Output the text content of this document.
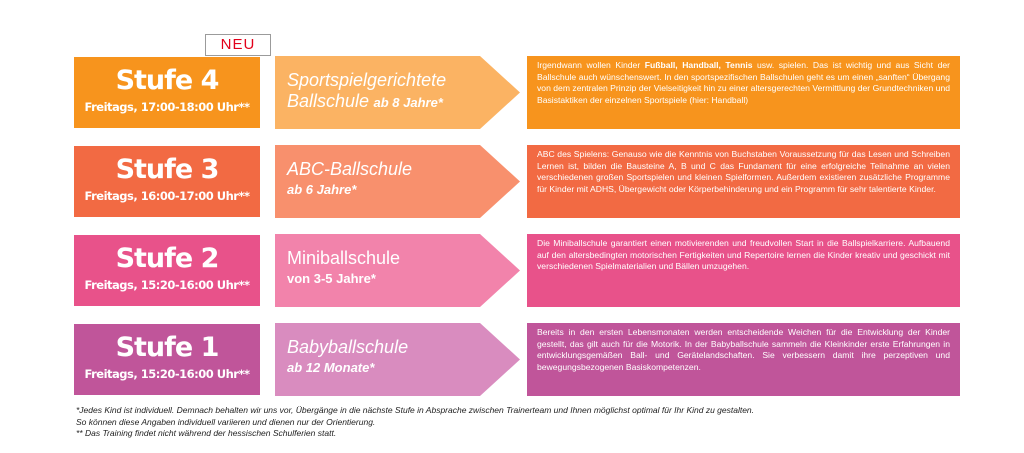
Stufe 4
Freitags, 17:00-18:00 Uhr**
Sportspielgerichtete
Ballschule ab 8 Jahre*
Irgendwann wollen Kinder Fußball, Handball, Tennis usw. spielen. Das ist wichtig und aus Sicht der Ballschule auch wünschenswert. In den sportspezifischen Ballschulen geht es um einen „sanften“ Übergang von dem zentralen Prinzip der Vielseitigkeit hin zu einer altersgerechten Vermittlung der Grundtechniken und Basistaktiken der einzelnen Sportspiele (hier: Handball)
Stufe 3
Freitags, 16:00-17:00 Uhr**
ABC-Ballschule
ab 6 Jahre*
ABC des Spielens: Genauso wie die Kenntnis von Buchstaben Voraussetzung für das Lesen und Schreiben Lernen ist, bilden die Bausteine A, B und C das Fundament für eine erfolgreiche Teilnahme an vielen verschiedenen großen Sportspielen und kleinen Spielformen. Außerdem existieren zusätzliche Programme für Kinder mit ADHS, Übergewicht oder Körperbehinderung und ein Programm für sehr talentierte Kinder.
Stufe 2
Freitags, 15:20-16:00 Uhr**
Miniballschule
von 3-5 Jahre*
Die Miniballschule garantiert einen motivierenden und freudvollen Start in die Ballspielkarriere. Aufbauend auf den altersbedingten motorischen Fertigkeiten und Repertoire lernen die Kinder kreativ und geschickt mit verschiedenen Spielmaterialien und Bällen umzugehen.
Stufe 1
Freitags, 15:20-16:00 Uhr**
Babyballschule
ab 12 Monate*
Bereits in den ersten Lebensmonaten werden entscheidende Weichen für die Entwicklung der Kinder gestellt, das gilt auch für die Motorik. In der Babyballschule sammeln die Kleinkinder erste Erfahrungen in entwicklungsgemäßen Ball- und Gerätelandschaften. Sie verbessern damit ihre perzeptiven und bewegungsbezogenen Basiskompetenzen.
NEU
*Jedes Kind ist individuell. Demnach behalten wir uns vor, Übergänge in die nächste Stufe in Absprache zwischen Trainerteam und Ihnen möglichst optimal für Ihr Kind zu gestalten.
So können diese Angaben individuell variieren und dienen nur der Orientierung.
** Das Training findet nicht während der hessischen Schulferien statt.
